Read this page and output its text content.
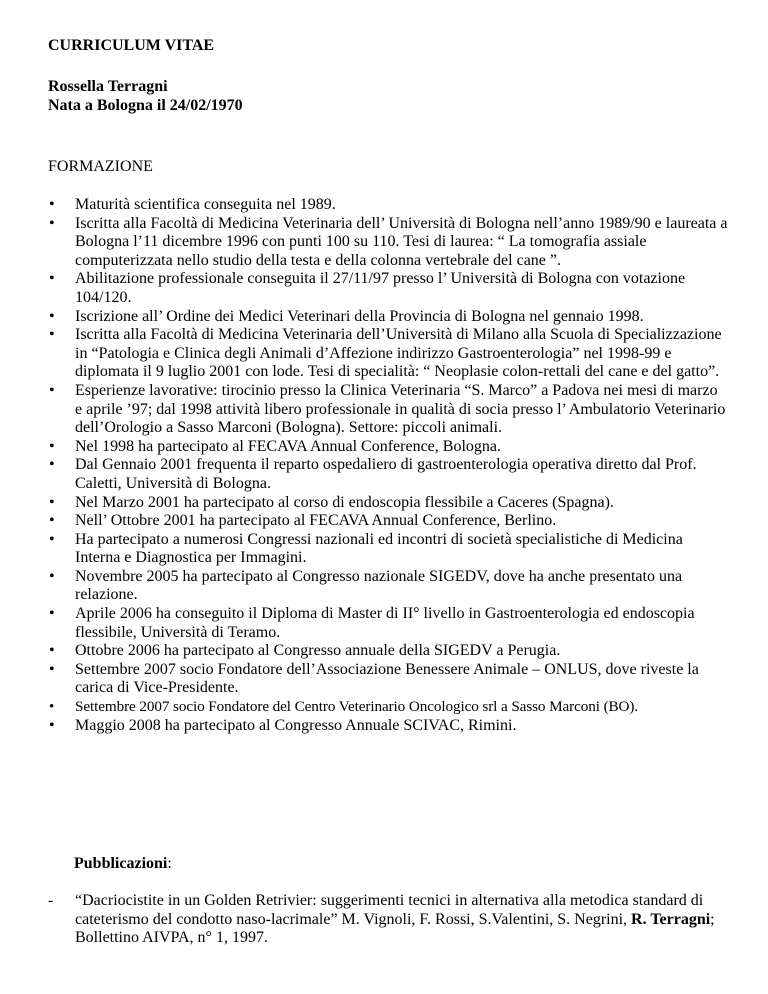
CURRICULUM VITAE
Rossella Terragni
Nata a Bologna il 24/02/1970
FORMAZIONE
• Maturità scientifica conseguita nel 1989.
• Iscritta alla Facoltà di Medicina Veterinaria dell’ Università di Bologna nell’anno 1989/90 e laureata a Bologna l’11 dicembre 1996 con punti 100 su 110. Tesi di laurea: “ La tomografia assiale computerizzata nello studio della testa e della colonna vertebrale del cane ”.
• Abilitazione professionale conseguita il 27/11/97 presso l’ Università di Bologna con votazione 104/120.
• Iscrizione all’ Ordine dei Medici Veterinari della Provincia di Bologna nel gennaio 1998.
• Iscritta alla Facoltà di Medicina Veterinaria dell’Università di Milano alla Scuola di Specializzazione in “Patologia e Clinica degli Animali d’Affezione indirizzo Gastroenterologia” nel 1998-99 e diplomata il 9 luglio 2001 con lode. Tesi di specialità: “ Neoplasie colon-rettali del cane e del gatto”.
• Esperienze lavorative: tirocinio presso la Clinica Veterinaria “S. Marco” a Padova nei mesi di marzo e aprile ’97; dal 1998 attività libero professionale in qualità di socia presso l’ Ambulatorio Veterinario dell’Orologio a Sasso Marconi (Bologna). Settore: piccoli animali.
• Nel 1998 ha partecipato al FECAVA Annual Conference, Bologna.
• Dal Gennaio 2001 frequenta il reparto ospedaliero di gastroenterologia operativa diretto dal Prof. Caletti, Università di Bologna.
• Nel Marzo 2001 ha partecipato al corso di endoscopia flessibile a Caceres (Spagna).
• Nell’ Ottobre 2001 ha partecipato al FECAVA Annual Conference, Berlino.
• Ha partecipato a numerosi Congressi nazionali ed incontri di società specialistiche di Medicina Interna e Diagnostica per Immagini.
• Novembre 2005 ha partecipato al Congresso nazionale SIGEDV, dove ha anche presentato una relazione.
• Aprile 2006 ha conseguito il Diploma di Master di II° livello in Gastroenterologia ed endoscopia flessibile, Università di Teramo.
• Ottobre 2006 ha partecipato al Congresso annuale della SIGEDV a Perugia.
• Settembre 2007 socio Fondatore dell’Associazione Benessere Animale – ONLUS, dove riveste la carica di Vice-Presidente.
• Settembre 2007 socio Fondatore del Centro Veterinario Oncologico srl a Sasso Marconi (BO).
• Maggio 2008 ha partecipato al Congresso Annuale SCIVAC, Rimini.
Pubblicazioni:
- “Dacriocistite in un Golden Retrivier: suggerimenti tecnici in alternativa alla metodica standard di cateterismo del condotto naso-lacrimale” M. Vignoli, F. Rossi, S.Valentini, S. Negrini, R. Terragni; Bollettino AIVPA, n° 1, 1997.
